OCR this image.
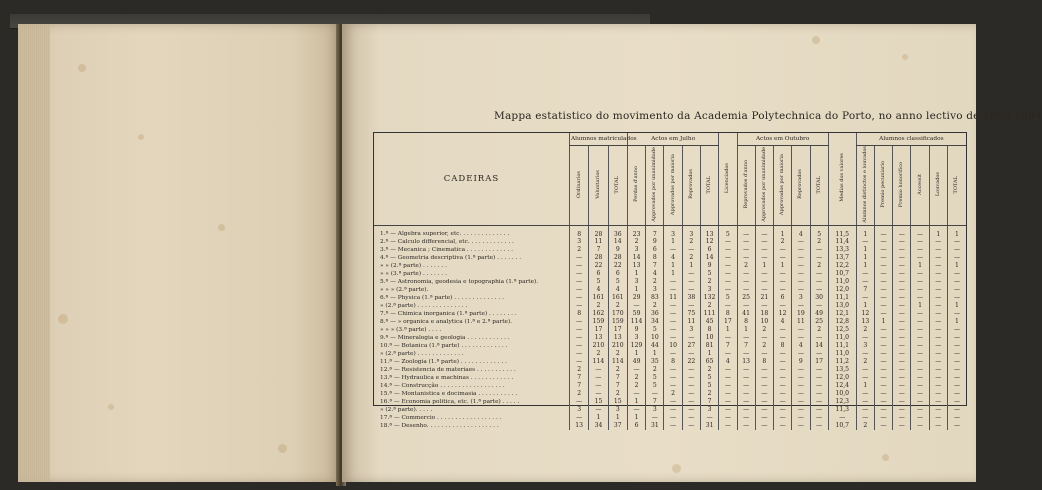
Mappa estatistico do movimento da Academia Polytechnica do Porto, no anno lectivo de 1893-1894
CADEIRAS	Alumnos matriculados			Actos em Julho					Licenciados	Actos em Outubro					Medias dos valores	Alumnos classificados					
	Ordinarios	Voluntarios	TOTAL	Perdas d'anno	Approvados por unanimidade	Approvados por maioria	Reprovados	TOTAL		Reprovados d'anno	Approvados por unanimidade	Approvados por maioria	Reprovados	TOTAL		Alumnos distinctos e louvados	Premio pecuniario	Premio honorifico	Accessit	Louvados	TOTAL
1.ª — Algebra superior, etc. . . . . . . . . . . . . .	8	28	36	23	7	3	3	13	5	—	—	1	4	5	11,5	1	—	—	—	1	1
2.ª — Calculo differencial, etc. . . . . . . . . . . . .	3	11	14	2	9	1	2	12	—	—	—	2	—	2	11,4	—	—	—	—	—	—
3.ª — Mecanica ; Cinematica . . . . . . . . . . . . .	2	7	9	3	6	—	—	6	—	—	—	—	—	—	13,3	1	—	—	—	—	—
4.ª — Geometria descriptiva (1.ª parte) . . . . . . .	—	28	28	14	8	4	2	14	—	—	—	—	—	—	13,7	1	—	—	—	—	—
» » (2.ª parte) . . . . . . .	—	22	22	13	7	1	1	9	—	2	1	1	—	2	12,2	1	—	—	1	—	1
» » (3.ª parte) . . . . . . .	—	6	6	1	4	1	—	5	—	—	—	—	—	—	10,7	—	—	—	—	—	—
5.ª — Astronomia, geodesia e topographia (1.ª parte).	—	5	5	3	2	—	—	2	—	—	—	—	—	—	11,0	—	—	—	—	—	—
» » » (2.ª parte).	—	4	4	1	3	—	—	3	—	—	—	—	—	—	12,0	7	—	—	—	—	—
6.ª — Physica (1.ª parte) . . . . . . . . . . . . . .	—	161	161	29	83	11	38	132	5	25	21	6	3	30	11,1	—	—	—	—	—	—
» (2.ª parte) . . . . . . . . . . . . . .	—	2	2	—	2	—	—	2	—	—	—	—	—	—	13,0	1	—	—	1	—	1
7.ª — Chimica inorganica (1.ª parte) . . . . . . . .	8	162	170	59	36	—	75	111	8	41	18	12	19	49	12,1	12	—	—	—	—	—
8.ª — » organica e analytica (1.ª e 2.ª parte).	—	159	159	114	34	—	11	45	17	8	10	4	11	25	12,8	13	1	—	—	—	1
» » » (3.ª parte) . . . .	—	17	17	9	5	—	3	8	1	1	2	—	—	2	12,5	2	—	—	—	—	—
9.ª — Mineralogia e geologia . . . . . . . . . . . .	—	13	13	3	10	—	—	10	—	—	—	—	—	—	11,0	—	—	—	—	—	—
10.ª — Botanica (1.ª parte) . . . . . . . . . . . . .	—	210	210	129	44	10	27	81	7	7	2	8	4	14	11,1	3	—	—	—	—	—
» (2.ª parte) . . . . . . . . . . . . .	—	2	2	1	1	—	—	1	—	—	—	—	—	—	11,0	—	—	—	—	—	—
11.ª — Zoologia (1.ª parte) . . . . . . . . . . . . .	—	114	114	49	35	8	22	65	4	13	8	—	9	17	11,2	2	—	—	—	—	—
12.ª — Resistencia de materiaes . . . . . . . . . . .	2	—	2	—	2	—	—	2	—	—	—	—	—	—	13,5	—	—	—	—	—	—
13.ª — Hydraulica e machinas . . . . . . . . . . . .	7	—	7	2	5	—	—	5	—	—	—	—	—	—	12,0	—	—	—	—	—	—
14.ª — Construcção . . . . . . . . . . . . . . . . . .	7	—	7	2	5	—	—	5	—	—	—	—	—	—	12,4	1	—	—	—	—	—
15.ª — Montanistica e docimasia . . . . . . . . . . .	2	—	2	—	—	2	—	2	—	—	—	—	—	—	10,0	—	—	—	—	—	—
16.ª — Economia politica, etc. (1.ª parte) . . . . .	—	15	15	1	7	—	—	7	—	—	—	—	—	—	12,3	—	—	—	—	—	—
» (2.ª parte). . . . .	3	—	3	—	3	—	—	3	—	—	—	—	—	—	11,3	—	—	—	—	—	—
17.ª — Commercio . . . . . . . . . . . . . . . . . .	—	1	1	1	—	—	—	—	—	—	—	—	—	—	—	—	—	—	—	—	—
18.ª — Desenho. . . . . . . . . . . . . . . . . . . .	13	34	37	6	31	—	—	31	—	—	—	—	—	—	10,7	2	—	—	—	—	—
